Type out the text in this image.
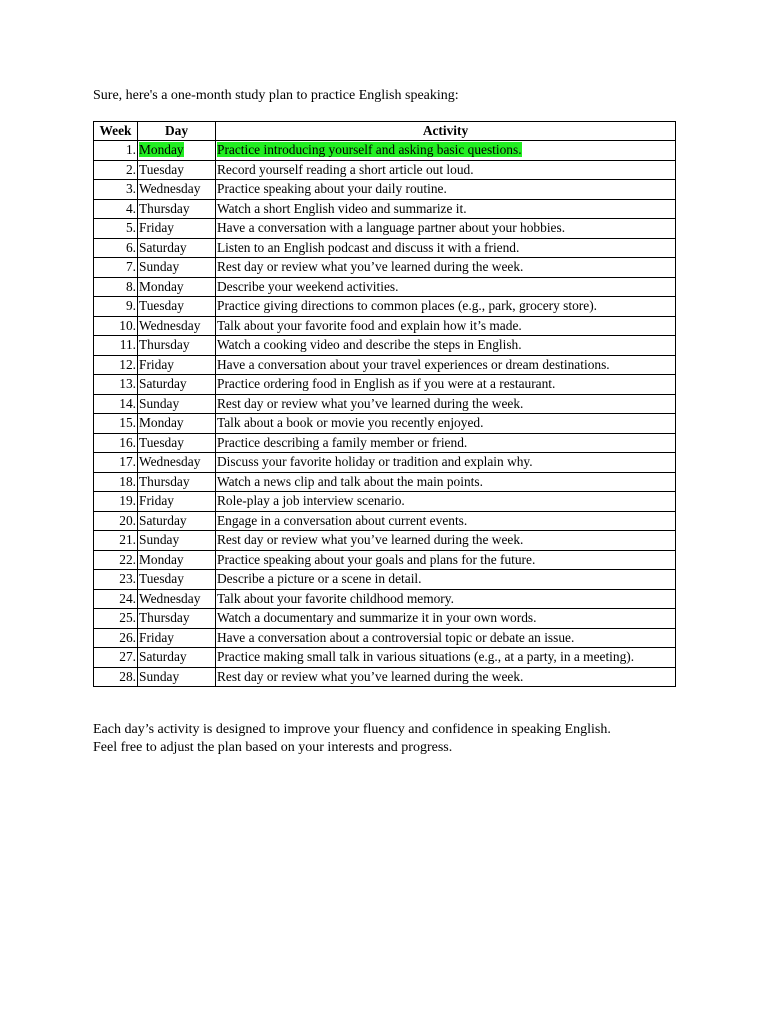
Sure, here's a one-month study plan to practice English speaking:

Week	Day	Activity
1.	Monday	Practice introducing yourself and asking basic questions.
2.	Tuesday	Record yourself reading a short article out loud.
3.	Wednesday	Practice speaking about your daily routine.
4.	Thursday	Watch a short English video and summarize it.
5.	Friday	Have a conversation with a language partner about your hobbies.
6.	Saturday	Listen to an English podcast and discuss it with a friend.
7.	Sunday	Rest day or review what you’ve learned during the week.
8.	Monday	Describe your weekend activities.
9.	Tuesday	Practice giving directions to common places (e.g., park, grocery store).
10.	Wednesday	Talk about your favorite food and explain how it’s made.
11.	Thursday	Watch a cooking video and describe the steps in English.
12.	Friday	Have a conversation about your travel experiences or dream destinations.
13.	Saturday	Practice ordering food in English as if you were at a restaurant.
14.	Sunday	Rest day or review what you’ve learned during the week.
15.	Monday	Talk about a book or movie you recently enjoyed.
16.	Tuesday	Practice describing a family member or friend.
17.	Wednesday	Discuss your favorite holiday or tradition and explain why.
18.	Thursday	Watch a news clip and talk about the main points.
19.	Friday	Role-play a job interview scenario.
20.	Saturday	Engage in a conversation about current events.
21.	Sunday	Rest day or review what you’ve learned during the week.
22.	Monday	Practice speaking about your goals and plans for the future.
23.	Tuesday	Describe a picture or a scene in detail.
24.	Wednesday	Talk about your favorite childhood memory.
25.	Thursday	Watch a documentary and summarize it in your own words.
26.	Friday	Have a conversation about a controversial topic or debate an issue.
27.	Saturday	Practice making small talk in various situations (e.g., at a party, in a meeting).
28.	Sunday	Rest day or review what you’ve learned during the week.

Each day’s activity is designed to improve your fluency and confidence in speaking English.
Feel free to adjust the plan based on your interests and progress.
